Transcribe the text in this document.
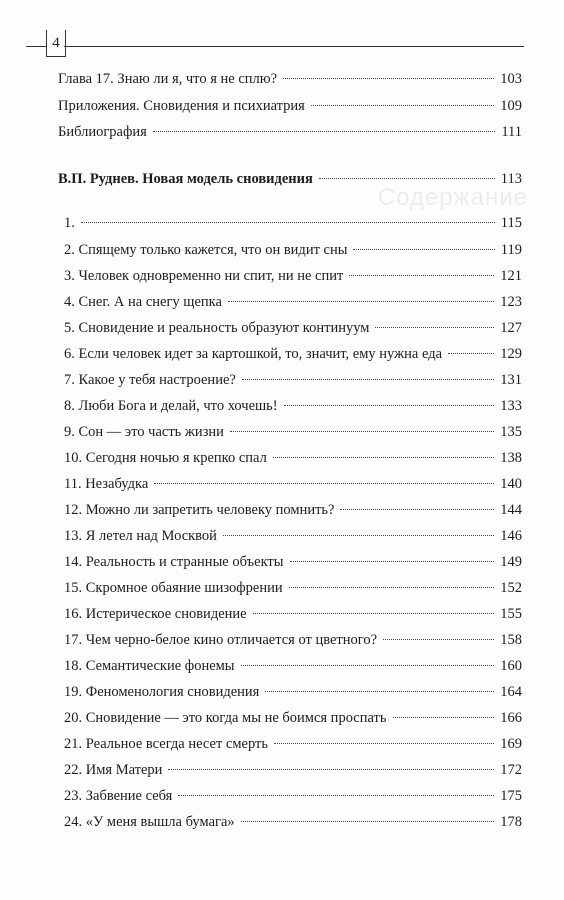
Содержание
4
Глава 17. Знаю ли я, что я не сплю?	103
Приложения. Сновидения и психиатрия	109
Библиография	111
В.П. Руднев. Новая модель сновидения	113
1.	115
2. Спящему только кажется, что он видит сны	119
3. Человек одновременно ни спит, ни не спит	121
4. Снег. А на снегу щепка	123
5. Сновидение и реальность образуют континуум	127
6. Если человек идет за картошкой, то, значит, ему нужна еда	129
7. Какое у тебя настроение?	131
8. Люби Бога и делай, что хочешь!	133
9. Сон — это часть жизни	135
10. Сегодня ночью я крепко спал	138
11. Незабудка	140
12. Можно ли запретить человеку помнить?	144
13. Я летел над Москвой	146
14. Реальность и странные объекты	149
15. Скромное обаяние шизофрении	152
16. Истерическое сновидение	155
17. Чем черно-белое кино отличается от цветного?	158
18. Семантические фонемы	160
19. Феноменология сновидения	164
20. Сновидение — это когда мы не боимся проспать	166
21. Реальное всегда несет смерть	169
22. Имя Матери	172
23. Забвение себя	175
24. «У меня вышла бумага»	178
